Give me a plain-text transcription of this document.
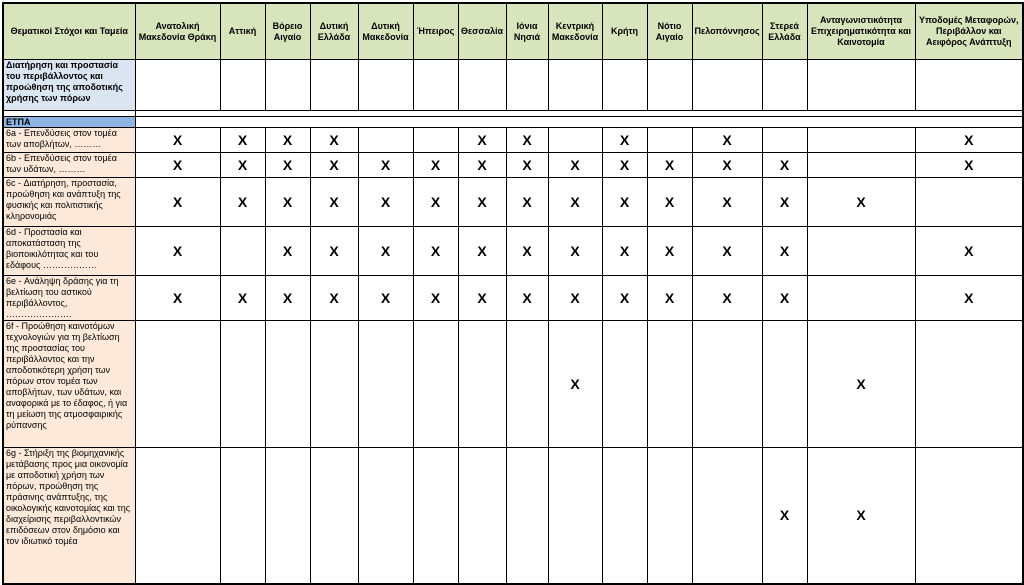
Θεματικοί Στόχοι και Ταμεία	Ανατολική Μακεδονία Θράκη	Αττική	Βόρειο Αιγαίο	Δυτική Ελλάδα	Δυτική Μακεδονία	Ήπειρος	Θεσσαλία	Ιόνια Νησιά	Κεντρική Μακεδονία	Κρήτη	Νότιο Αιγαίο	Πελοπόννησος	Στερεά Ελλάδα	Ανταγωνιστικότητα Επιχειρηματικότητα και Καινοτομία	Υποδομές Μεταφορών, Περιβάλλον και Αειφόρος Ανάπτυξη
Διατήρηση και προστασία του περιβάλλοντος και προώθηση της αποδοτικής χρήσης των πόρων															

ΕΤΠΑ															
6a - Επενδύσεις στον τομέα των αποβλήτων, ………	X	X	X	X			X	X		X		X			X
6b - Επενδύσεις στον τομέα των υδάτων, ………	X	X	X	X	X	X	X	X	X	X	X	X	X		X
6c - Διατήρηση, προστασία, προώθηση και ανάπτυξη της φυσικής και πολιτιστικής κληρονομιάς	X	X	X	X	X	X	X	X	X	X	X	X	X	X	
6d - Προστασία και αποκατάσταση της βιοποικιλότητας και του εδάφους ………………	X		X	X	X	X	X	X	X	X	X	X	X		X
6e - Ανάληψη δράσης για τη βελτίωση του αστικού περιβάλλοντος, ………………….	X	X	X	X	X	X	X	X	X	X	X	X	X		X
6f - Προώθηση καινοτόμων τεχνολογιών για τη βελτίωση της προστασίας του περιβάλλοντος και την αποδοτικότερη χρήση των πόρων στον τομέα των αποβλήτων, των υδάτων, και αναφορικά με το έδαφος, ή για τη μείωση της ατμοσφαιρικής ρύπανσης									X					X	
6g - Στήριξη της βιομηχανικής μετάβασης προς μια οικονομία με αποδοτική χρήση των πόρων, προώθηση της πράσινης ανάπτυξης, της οικολογικής καινοτομίας και της διαχείρισης περιβαλλοντικών επιδόσεων στον δημόσιο και τον ιδιωτικό τομέα													X	X	
